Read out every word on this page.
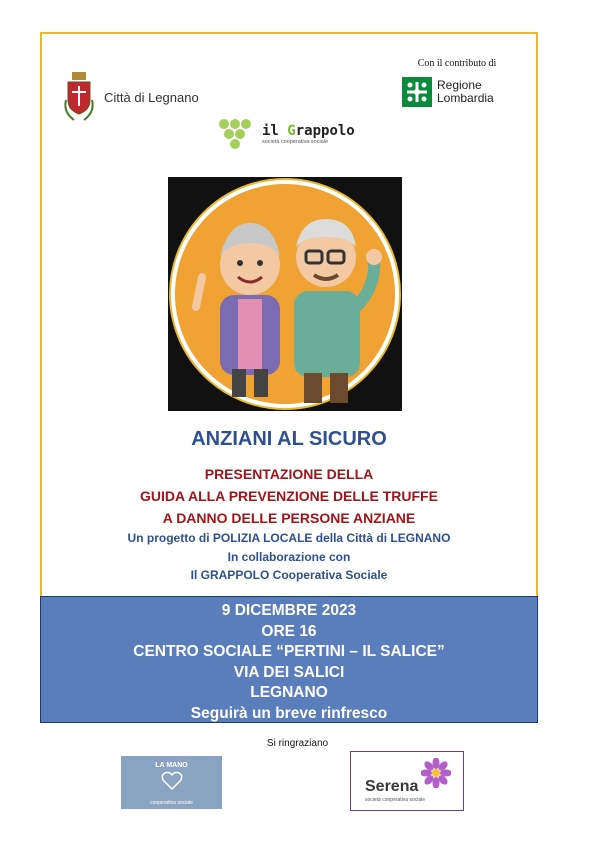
Città di Legnano
Con il contributo di
Regione
Lombardia
il Grappolo
società cooperativa sociale
ANZIANI AL SICURO
PRESENTAZIONE DELLA
GUIDA ALLA PREVENZIONE DELLE TRUFFE
A DANNO DELLE PERSONE ANZIANE
Un progetto di POLIZIA LOCALE della Città di LEGNANO
In collaborazione con
Il GRAPPOLO Cooperativa Sociale
9 DICEMBRE 2023
ORE 16
CENTRO SOCIALE “PERTINI – IL SALICE”
VIA DEI SALICI
LEGNANO
Seguirà un breve rinfresco
Si ringraziano
LA MANO
cooperativa sociale
Serena
società cooperativa sociale
